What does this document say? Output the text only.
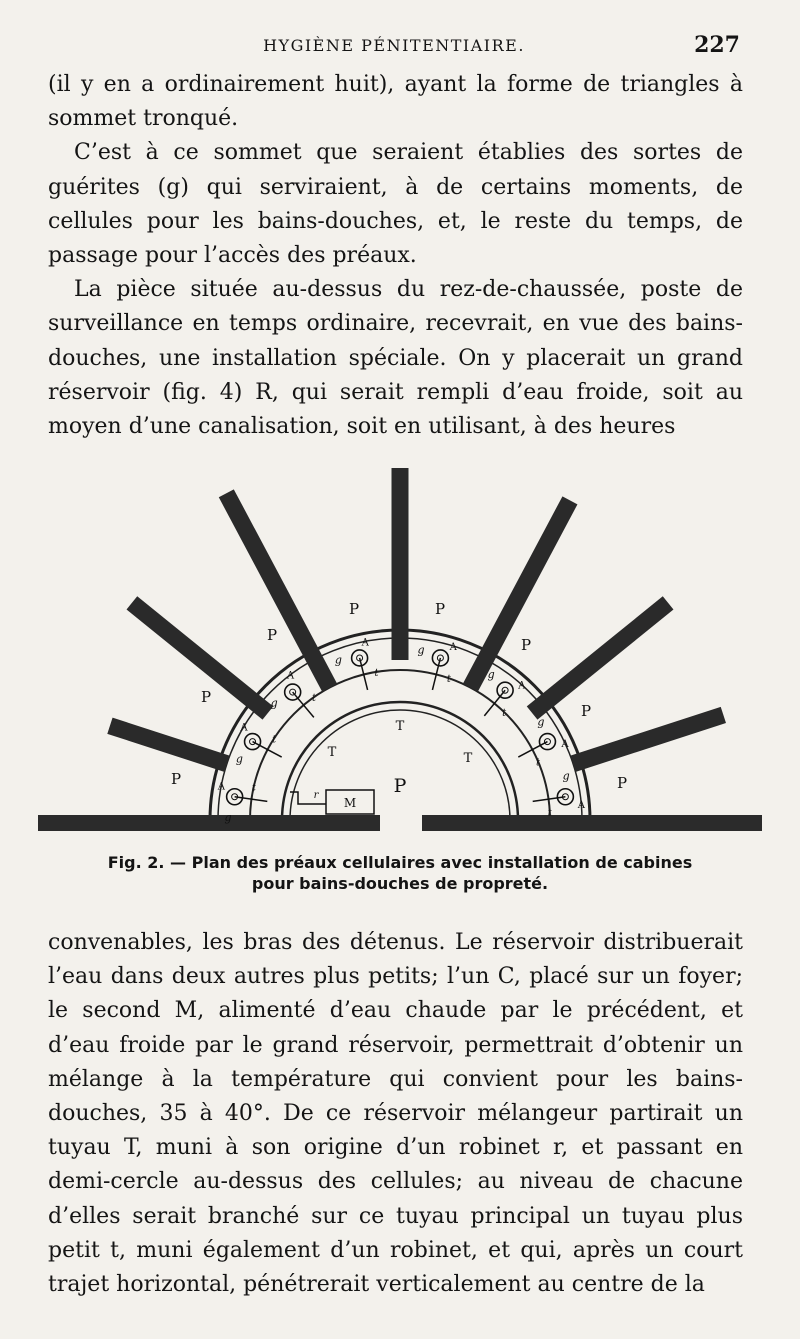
HYGIÈNE PÉNITENTIAIRE.	227

(il y en a ordinairement huit), ayant la forme de triangles à sommet tronqué.

C’est à ce sommet que seraient établies des sortes de guérites (g) qui serviraient, à de certains moments, de cellules pour les bains-douches, et, le reste du temps, de passage pour l’accès des préaux.

La pièce située au-dessus du rez-de-chaussée, poste de surveillance en temps ordinaire, recevrait, en vue des bains-douches, une installation spéciale. On y placerait un grand réservoir (fig. 4) R, qui serait rempli d’eau froide, soit au moyen d’une canalisation, soit en utilisant, à des heures

g
A	t
g
A
t
g
A
t
g
A
t
g	A
t	g
A
t
g
A
t
g
A
t
P
P
P
P	P
P
P
P
P
T
T	T
M
r
Fig. 2. — Plan des préaux cellulaires avec installation de cabines
pour bains-douches de propreté.

convenables, les bras des détenus. Le réservoir distribuerait l’eau dans deux autres plus petits; l’un C, placé sur un foyer; le second M, alimenté d’eau chaude par le précédent, et d’eau froide par le grand réservoir, permettrait d’obtenir un mélange à la température qui convient pour les bains-douches, 35 à 40°. De ce réservoir mélangeur partirait un tuyau T, muni à son origine d’un robinet r, et passant en demi-cercle au-dessus des cellules; au niveau de chacune d’elles serait branché sur ce tuyau principal un tuyau plus petit t, muni également d’un robinet, et qui, après un court trajet horizontal, pénétrerait verticalement au centre de la
